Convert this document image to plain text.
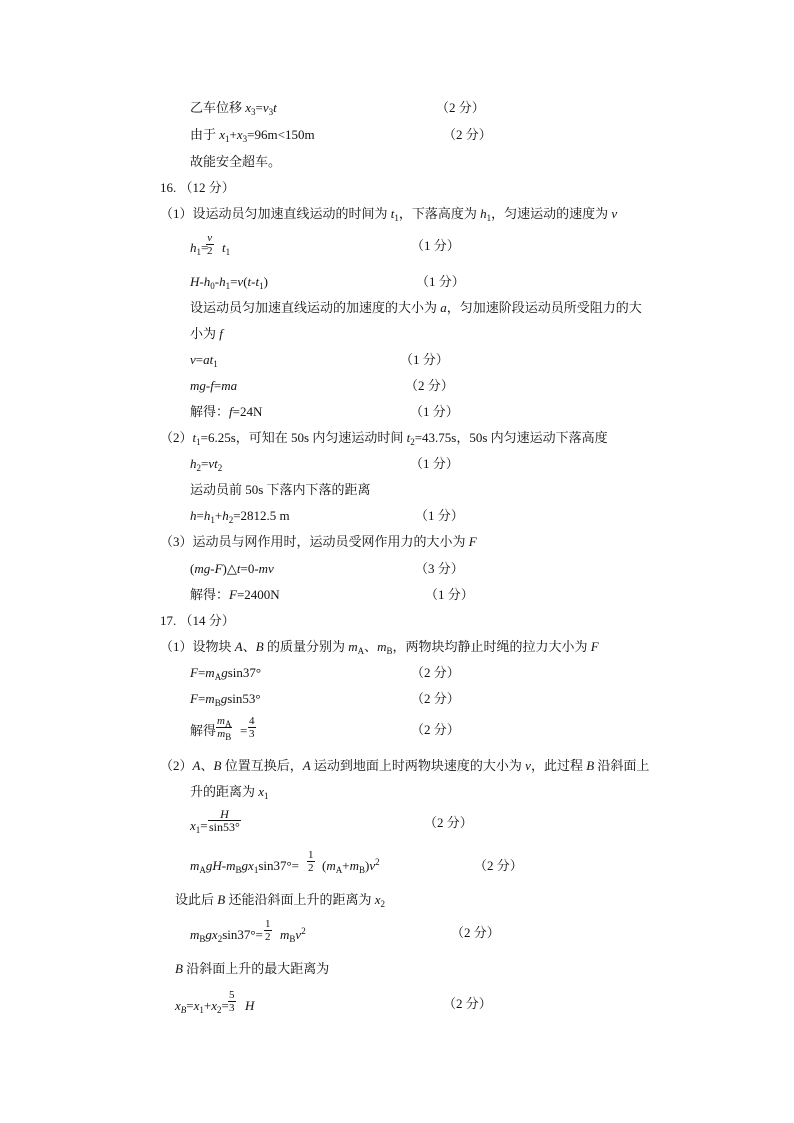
乙车位移 $x_3=v_3t$	（2 分）
由于 $x_1+x_3=96m<150m$	（2 分）
故能安全超车。
16. （12 分）
（1）设运动员匀加速直线运动的时间为 $t_1$，下落高度为 $h_1$，匀速运动的速度为 v
$h_1=$
$\frac{v}{2} t_1$	（1 分）
$H-h_0-h_1=v(t-t_1)$	（1 分）
设运动员匀加速直线运动的加速度的大小为 a，匀加速阶段运动员所受阻力的大
小为 f
$v=at_1$	（1 分）
mg-f=ma	（2 分）
解得：f=24N	（1 分）
$(2)t_1=6.25s$，可知在 50s 内匀速运动时间 $t_2=43.75s$，50s 内匀速运动下落高度
$h_2=vt_2$	（1 分）
运动员前 50s 下落内下落的距离
$h=h_1+h_2=2812.5$ m	（1 分）
（3）运动员与网作用时，运动员受网作用力的大小为 F
(mg-F)△t=0-mv	（3 分）
解得：F=2400N	（1 分）
17. （14 分）
（1）设物块 A、B 的质量分别为 $m_A$、$m_B$，两物块均静止时绳的拉力大小为 F
$F=m_Agsin37^\circ$	（2 分）
$F=m_Bgsin53^\circ$	（2 分）
解得 $\frac{m_A}{m_B} = \frac{4}{3}$	（2 分）
（2）A、B 位置互换后，A 运动到地面上时两物块速度的大小为 v，此过程 B 沿斜面上
升的距离为 $x_1$
$x_1= \frac{H}{\sin 53^\circ}$	（2 分）
$m_AgH-m_Bgx_1\sin 37^\circ= \frac{1}{2} (m_A+m_B)v^2$	（2 分）
设此后 B 还能沿斜面上升的距离为 $x_2$
$m_Bgx_2\sin 37^\circ= \frac{1}{2} m_Bv^2$	（2 分）
B 沿斜面上升的最大距离为
$x_B=x_1+x_2= \frac{5}{3}$ H	（2 分）
